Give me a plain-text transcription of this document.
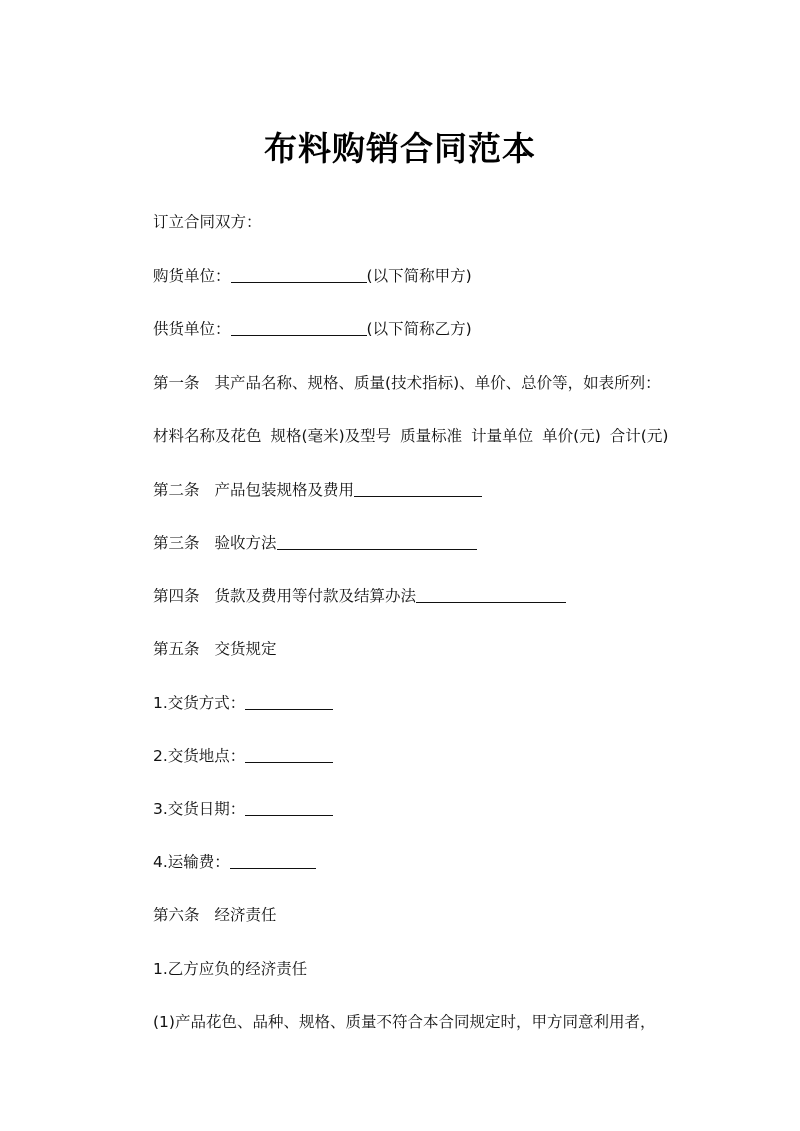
布料购销合同范本
订立合同双方：
购货单位：	(以下简称甲方)
供货单位：	(以下简称乙方)
第一条 其产品名称、规格、质量(技术指标)、单价、总价等，如表所列：
材料名称及花色 规格(毫米)及型号 质量标准 计量单位 单价(元) 合计(元)
第二条 产品包装规格及费用
第三条 验收方法
第四条 货款及费用等付款及结算办法
第五条 交货规定
1.交货方式：
2.交货地点：
3.交货日期：
4.运输费：
第六条 经济责任
1.乙方应负的经济责任
(1)产品花色、品种、规格、质量不符合本合同规定时，甲方同意利用者，
